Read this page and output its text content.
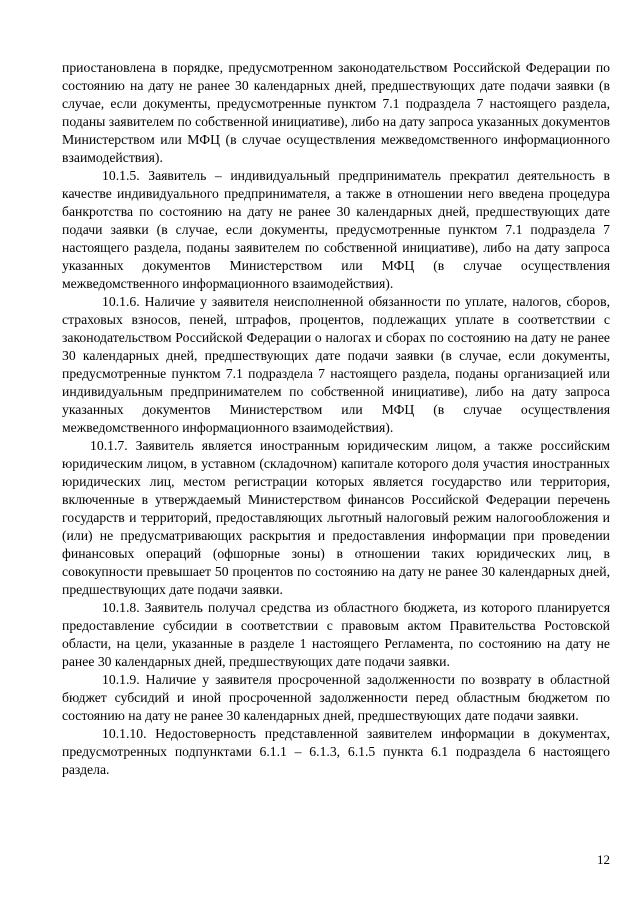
приостановлена в порядке, предусмотренном законодательством Российской Федерации по состоянию на дату не ранее 30 календарных дней, предшествующих дате подачи заявки (в случае, если документы, предусмотренные пунктом 7.1 подраздела 7 настоящего раздела, поданы заявителем по собственной инициативе), либо на дату запроса указанных документов Министерством или МФЦ (в случае осуществления межведомственного информационного взаимодействия).

10.1.5. Заявитель – индивидуальный предприниматель прекратил деятельность в качестве индивидуального предпринимателя, а также в отношении него введена процедура банкротства по состоянию на дату не ранее 30 календарных дней, предшествующих дате подачи заявки (в случае, если документы, предусмотренные пунктом 7.1 подраздела 7 настоящего раздела, поданы заявителем по собственной инициативе), либо на дату запроса указанных документов Министерством или МФЦ (в случае осуществления межведомственного информационного взаимодействия).

10.1.6. Наличие у заявителя неисполненной обязанности по уплате, налогов, сборов, страховых взносов, пеней, штрафов, процентов, подлежащих уплате в соответствии с законодательством Российской Федерации о налогах и сборах по состоянию на дату не ранее 30 календарных дней, предшествующих дате подачи заявки (в случае, если документы, предусмотренные пунктом 7.1 подраздела 7 настоящего раздела, поданы организацией или индивидуальным предпринимателем по собственной инициативе), либо на дату запроса указанных документов Министерством или МФЦ (в случае осуществления межведомственного информационного взаимодействия).

10.1.7. Заявитель является иностранным юридическим лицом, а также российским юридическим лицом, в уставном (складочном) капитале которого доля участия иностранных юридических лиц, местом регистрации которых является государство или территория, включенные в утверждаемый Министерством финансов Российской Федерации перечень государств и территорий, предоставляющих льготный налоговый режим налогообложения и (или) не предусматривающих раскрытия и предоставления информации при проведении финансовых операций (офшорные зоны) в отношении таких юридических лиц, в совокупности превышает 50 процентов по состоянию на дату не ранее 30 календарных дней, предшествующих дате подачи заявки.

10.1.8. Заявитель получал средства из областного бюджета, из которого планируется предоставление субсидии в соответствии с правовым актом Правительства Ростовской области, на цели, указанные в разделе 1 настоящего Регламента, по состоянию на дату не ранее 30 календарных дней, предшествующих дате подачи заявки.

10.1.9. Наличие у заявителя просроченной задолженности по возврату в областной бюджет субсидий и иной просроченной задолженности перед областным бюджетом по состоянию на дату не ранее 30 календарных дней, предшествующих дате подачи заявки.

10.1.10. Недостоверность представленной заявителем информации в документах, предусмотренных подпунктами 6.1.1 – 6.1.3, 6.1.5 пункта 6.1 подраздела 6 настоящего раздела.

12
